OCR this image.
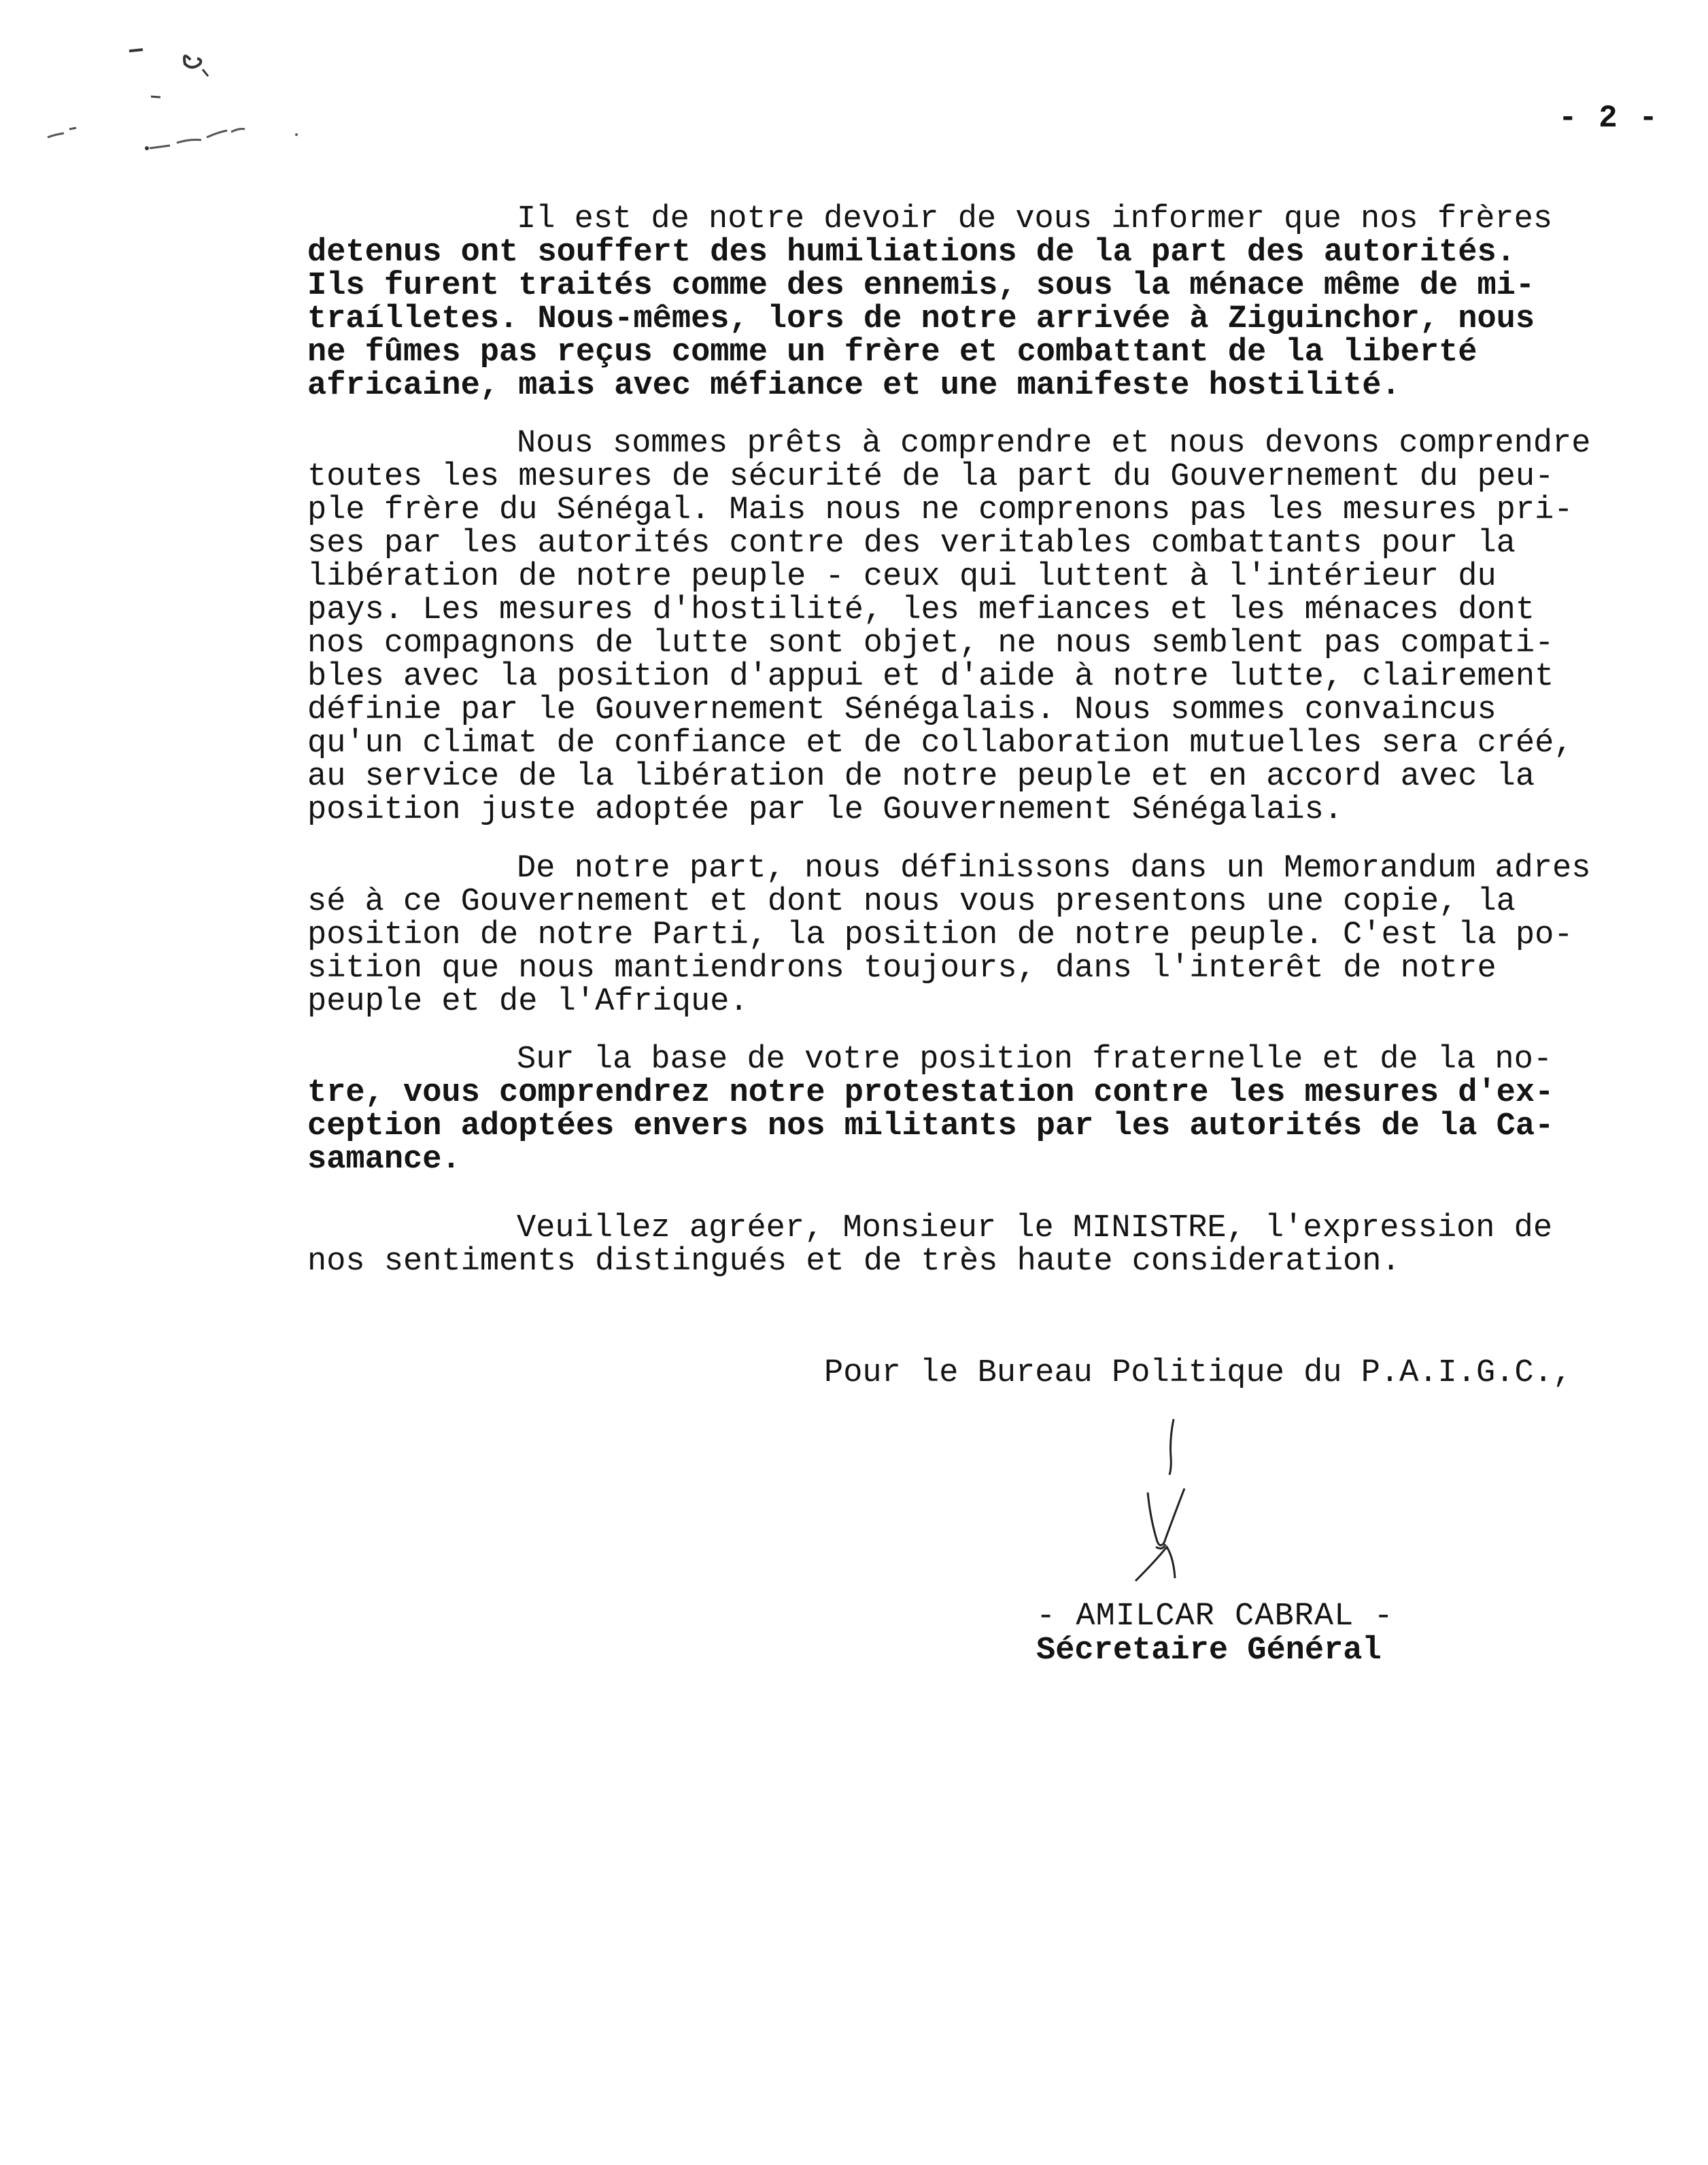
- 2 -
Il est de notre devoir de vous informer que nos frères
detenus ont souffert des humiliations de la part des autorités.
Ils furent traités comme des ennemis, sous la ménace même de mi-
traílletes. Nous-mêmes, lors de notre arrivée à Ziguinchor, nous
ne fûmes pas reçus comme un frère et combattant de la liberté
africaine, mais avec méfiance et une manifeste hostilité.
Nous sommes prêts à comprendre et nous devons comprendre
toutes les mesures de sécurité de la part du Gouvernement du peu-
ple frère du Sénégal. Mais nous ne comprenons pas les mesures pri-
ses par les autorités contre des veritables combattants pour la
libération de notre peuple - ceux qui luttent à l'intérieur du
pays. Les mesures d'hostilité, les mefiances et les ménaces dont
nos compagnons de lutte sont objet, ne nous semblent pas compati-
bles avec la position d'appui et d'aide à notre lutte, clairement
définie par le Gouvernement Sénégalais. Nous sommes convaincus
qu'un climat de confiance et de collaboration mutuelles sera créé,
au service de la libération de notre peuple et en accord avec la
position juste adoptée par le Gouvernement Sénégalais.
De notre part, nous définissons dans un Memorandum adres
sé à ce Gouvernement et dont nous vous presentons une copie, la
position de notre Parti, la position de notre peuple. C'est la po-
sition que nous mantiendrons toujours, dans l'interêt de notre
peuple et de l'Afrique.
Sur la base de votre position fraternelle et de la no-
tre, vous comprendrez notre protestation contre les mesures d'ex-
ception adoptées envers nos militants par les autorités de la Ca-
samance.
Veuillez agréer, Monsieur le MINISTRE, l'expression de
nos sentiments distingués et de très haute consideration.
Pour le Bureau Politique du P.A.I.G.C.,
- AMILCAR CABRAL -
Sécretaire Général
